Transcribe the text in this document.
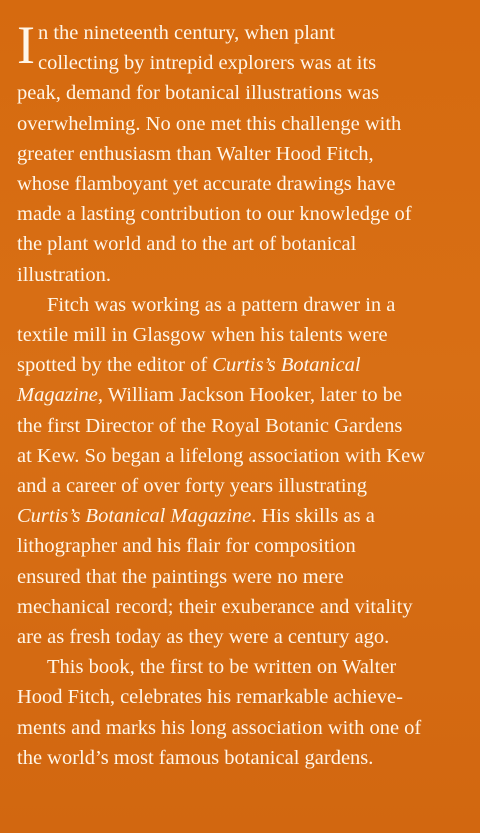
I n the nineteenth century, when plant
collecting by intrepid explorers was at its
peak, demand for botanical illustrations was
overwhelming. No one met this challenge with
greater enthusiasm than Walter Hood Fitch,
whose flamboyant yet accurate drawings have
made a lasting contribution to our knowledge of
the plant world and to the art of botanical
illustration.

Fitch was working as a pattern drawer in a
textile mill in Glasgow when his talents were
spotted by the editor of Curtis’s Botanical
Magazine, William Jackson Hooker, later to be
the first Director of the Royal Botanic Gardens
at Kew. So began a lifelong association with Kew
and a career of over forty years illustrating
Curtis’s Botanical Magazine. His skills as a
lithographer and his flair for composition
ensured that the paintings were no mere
mechanical record; their exuberance and vitality
are as fresh today as they were a century ago.

This book, the first to be written on Walter
Hood Fitch, celebrates his remarkable achieve-
ments and marks his long association with one of
the world’s most famous botanical gardens.
